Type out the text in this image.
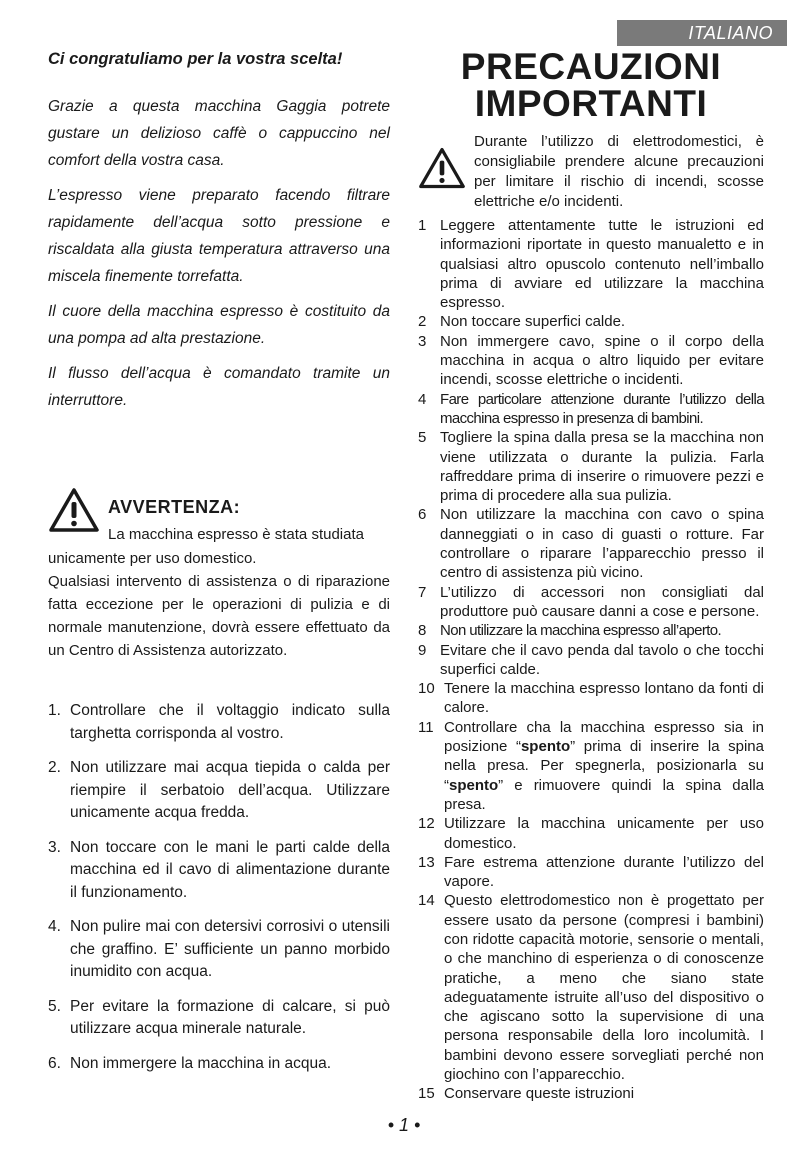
ITALIANO

Ci congratuliamo per la vostra scelta!

Grazie a questa macchina Gaggia potrete gustare un delizioso caffè o cappuccino nel comfort della vostra casa.

L’espresso viene preparato facendo filtrare rapidamente dell’acqua sotto pressione e riscaldata alla giusta temperatura attraverso una miscela finemente torrefatta.

Il cuore della macchina espresso è costituito da una pompa ad alta prestazione.

Il flusso dell’acqua è comandato tramite un interruttore.

AVVERTENZA:
La macchina espresso è stata studiata

unicamente per uso domestico.

Qualsiasi intervento di assistenza o di riparazione fatta eccezione per le operazioni di pulizia e di normale manutenzione, dovrà essere effettuato da un Centro di Assistenza autorizzato.

1. Controllare che il voltaggio indicato sulla targhetta corrisponda al vostro.
2. Non utilizzare mai acqua tiepida o calda per riempire il serbatoio dell’acqua. Utilizzare unicamente acqua fredda.
3. Non toccare con le mani le parti calde della macchina ed il cavo di alimentazione durante il funzionamento.
4. Non pulire mai con detersivi corrosivi o utensili che graffino. E’ sufficiente un panno morbido inumidito con acqua.
5. Per evitare la formazione di calcare, si può utilizzare acqua minerale naturale.
6. Non immergere la macchina in acqua.
PRECAUZIONI
IMPORTANTI
Durante l’utilizzo di elettrodomestici, è consigliabile prendere alcune precauzioni per limitare il rischio di incendi, scosse elettriche e/o incidenti.
1 Leggere attentamente tutte le istruzioni ed informazioni riportate in questo manualetto e in qualsiasi altro opuscolo contenuto nell’imballo prima di avviare ed utilizzare la macchina espresso.
2 Non toccare superfici calde.
3 Non immergere cavo, spine o il corpo della macchina in acqua o altro liquido per evitare incendi, scosse elettriche o incidenti.
4 Fare particolare attenzione durante l’utilizzo della macchina espresso in presenza di bambini.
5 Togliere la spina dalla presa se la macchina non viene utilizzata o durante la pulizia. Farla raffreddare prima di inserire o rimuovere pezzi e prima di procedere alla sua pulizia.
6 Non utilizzare la macchina con cavo o spina danneggiati o in caso di guasti o rotture. Far controllare o riparare l’apparecchio presso il centro di assistenza più vicino.
7 L’utilizzo di accessori non consigliati dal produttore può causare danni a cose e persone.
8 Non utilizzare la macchina espresso all’aperto.
9 Evitare che il cavo penda dal tavolo o che tocchi superfici calde.
10 Tenere la macchina espresso lontano da fonti di calore.
11 Controllare cha la macchina espresso sia in posizione “spento” prima di inserire la spina nella presa. Per spegnerla, posizionarla su “spento” e rimuovere quindi la spina dalla presa.
12 Utilizzare la macchina unicamente per uso domestico.
13 Fare estrema attenzione durante l’utilizzo del vapore.
14 Questo elettrodomestico non è progettato per essere usato da persone (compresi i bambini) con ridotte capacità motorie, sensorie o mentali, o che manchino di esperienza o di conoscenze pratiche, a meno che siano state adeguatamente istruite all’uso del dispositivo o che agiscano sotto la supervisione di una persona responsabile della loro incolumità. I bambini devono essere sorvegliati perché non giochino con l’apparecchio.
15 Conservare queste istruzioni
• 1 •
